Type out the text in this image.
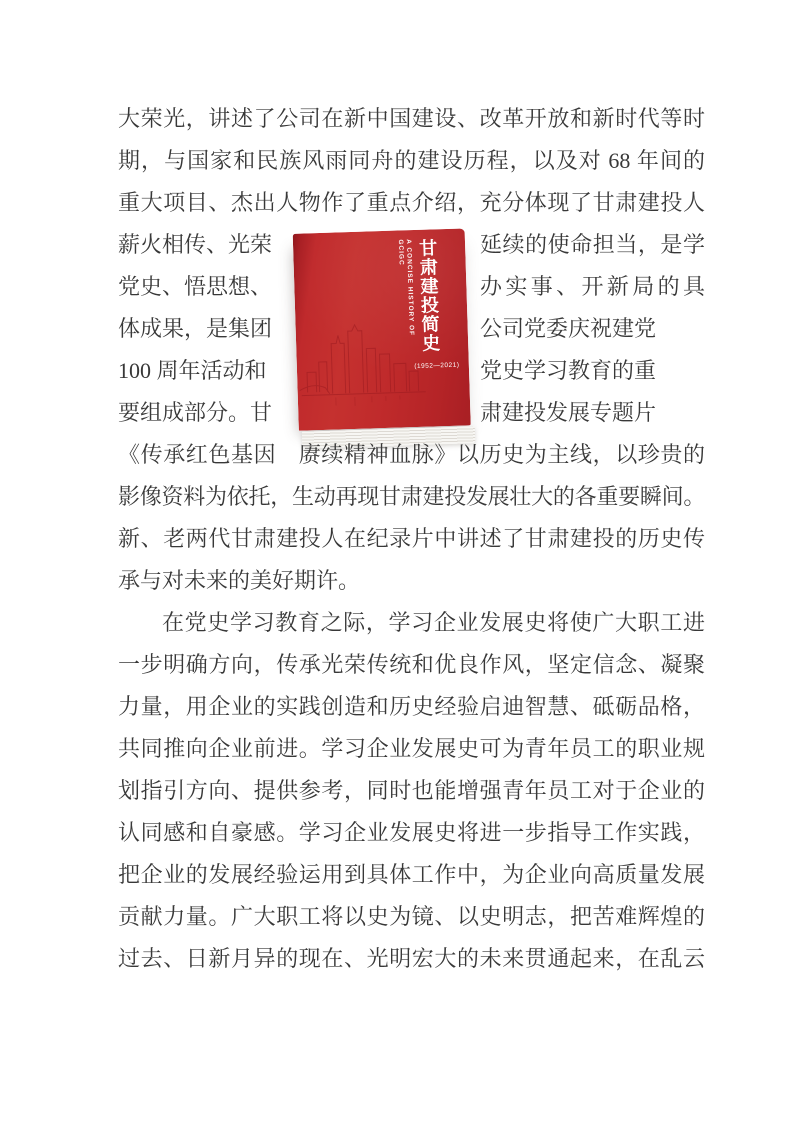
A CONCISE HISTORY OF GCIGC 甘肃建投简史
(1952—2021)
大荣光，讲述了公司在新中国建设、改革开放和新时代等时
期，与国家和民族风雨同舟的建设历程，以及对 68 年间的
重大项目、杰出人物作了重点介绍，充分体现了甘肃建投人
薪火相传、光荣	延续的使命担当，是学
党史、悟思想、	办实事、开新局的具
体成果，是集团	公司党委庆祝建党
100 周年活动和	党史学习教育的重
要组成部分。甘	肃建投发展专题片
《传承红色基因　赓续精神血脉》以历史为主线，以珍贵的
影像资料为依托，生动再现甘肃建投发展壮大的各重要瞬间。
新、老两代甘肃建投人在纪录片中讲述了甘肃建投的历史传
承与对未来的美好期许。
在党史学习教育之际，学习企业发展史将使广大职工进
一步明确方向，传承光荣传统和优良作风，坚定信念、凝聚
力量，用企业的实践创造和历史经验启迪智慧、砥砺品格，
共同推向企业前进。学习企业发展史可为青年员工的职业规
划指引方向、提供参考，同时也能增强青年员工对于企业的
认同感和自豪感。学习企业发展史将进一步指导工作实践，
把企业的发展经验运用到具体工作中，为企业向高质量发展
贡献力量。广大职工将以史为镜、以史明志，把苦难辉煌的
过去、日新月异的现在、光明宏大的未来贯通起来，在乱云
